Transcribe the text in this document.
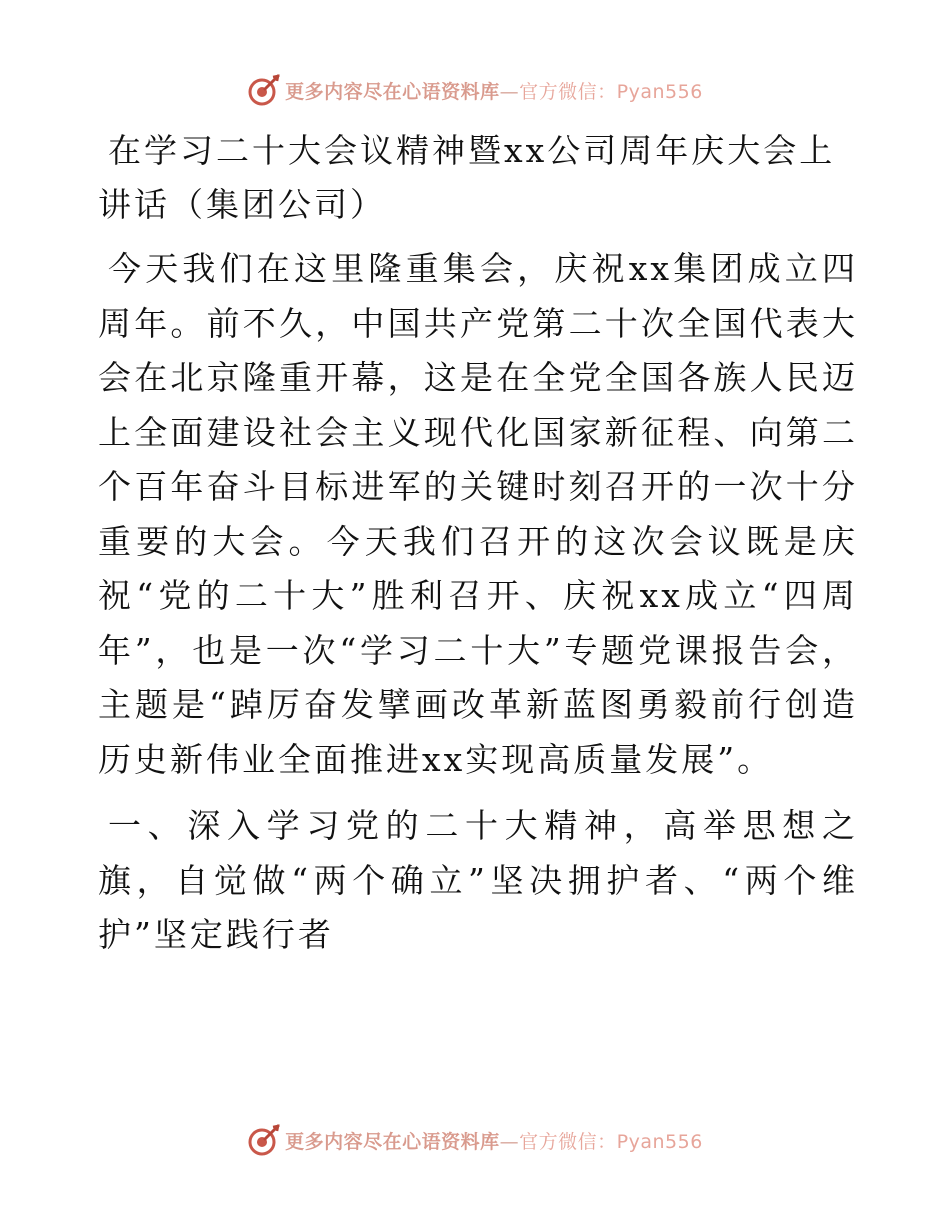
更多内容尽在心语资料库—官方微信：Pyan556

在学习二十大会议精神暨xx公司周年庆大会上讲话（集团公司）

今天我们在这里隆重集会，庆祝xx集团成立四周年。前不久，中国共产党第二十次全国代表大会在北京隆重开幕，这是在全党全国各族人民迈上全面建设社会主义现代化国家新征程、向第二个百年奋斗目标进军的关键时刻召开的一次十分重要的大会。今天我们召开的这次会议既是庆祝“党的二十大”胜利召开、庆祝xx成立“四周年”，也是一次“学习二十大”专题党课报告会，主题是“踔厉奋发擘画改革新蓝图勇毅前行创造历史新伟业全面推进xx实现高质量发展”。

一、深入学习党的二十大精神，高举思想之旗，自觉做“两个确立”坚决拥护者、“两个维护”坚定践行者

更多内容尽在心语资料库—官方微信：Pyan556
